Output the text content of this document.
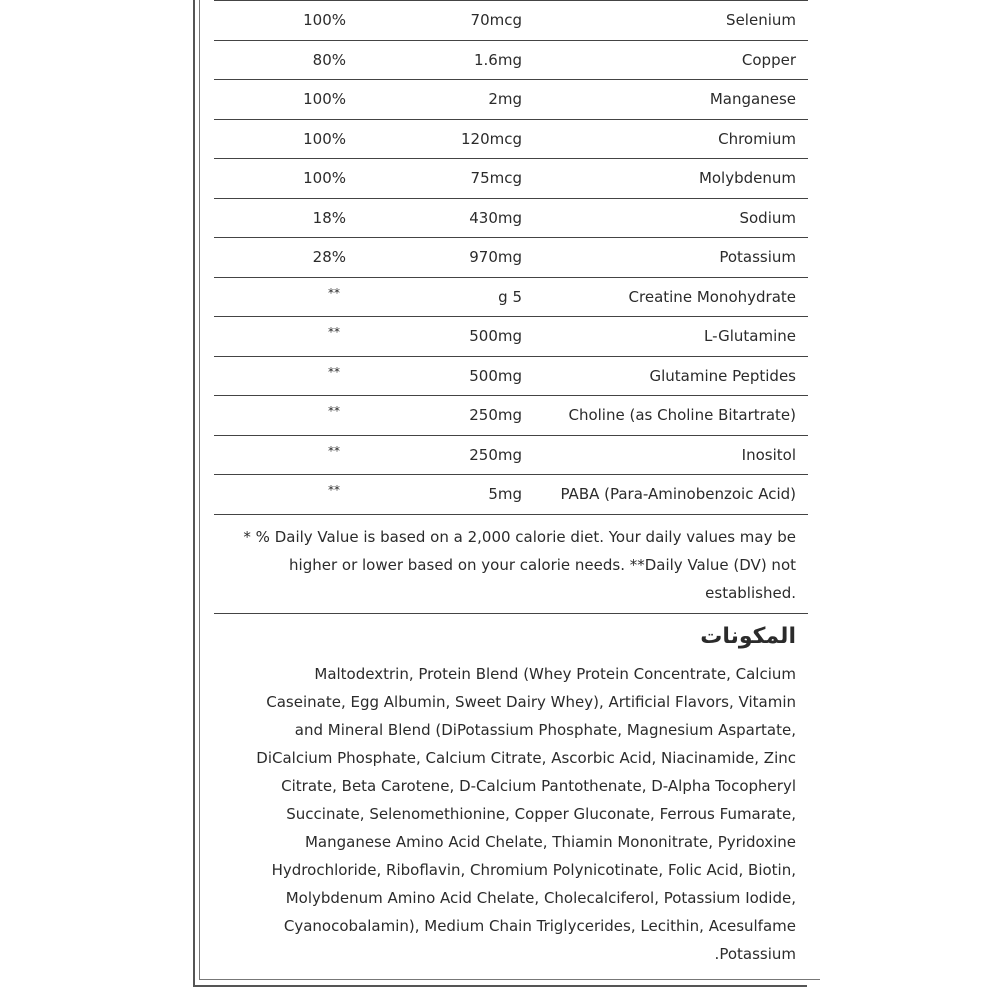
100%	70mcg	Selenium
80%	1.6mg	Copper
100%	2mg	Manganese
100%	120mcg	Chromium
100%	75mcg	Molybdenum
18%	430mg	Sodium
28%	970mg	Potassium
**	g 5	Creatine Monohydrate
**	500mg	L-Glutamine
**	500mg	Glutamine Peptides
**	250mg	Choline (as Choline Bitartrate)
**	250mg	Inositol
**	5mg	PABA (Para-Aminobenzoic Acid)
Daily Value is based on a 2,000 calorie diet. Your daily values may be % *
higher or lower based on your calorie needs. **Daily Value (DV) not
.established
المكونات
Maltodextrin, Protein Blend (Whey Protein Concentrate, Calcium
Caseinate, Egg Albumin, Sweet Dairy Whey), Artificial Flavors, Vitamin
and Mineral Blend (DiPotassium Phosphate, Magnesium Aspartate,
DiCalcium Phosphate, Calcium Citrate, Ascorbic Acid, Niacinamide, Zinc
Citrate, Beta Carotene, D-Calcium Pantothenate, D-Alpha Tocopheryl
Succinate, Selenomethionine, Copper Gluconate, Ferrous Fumarate,
Manganese Amino Acid Chelate, Thiamin Mononitrate, Pyridoxine
Hydrochloride, Riboflavin, Chromium Polynicotinate, Folic Acid, Biotin,
Molybdenum Amino Acid Chelate, Cholecalciferol, Potassium Iodide,
Cyanocobalamin), Medium Chain Triglycerides, Lecithin, Acesulfame
.Potassium
